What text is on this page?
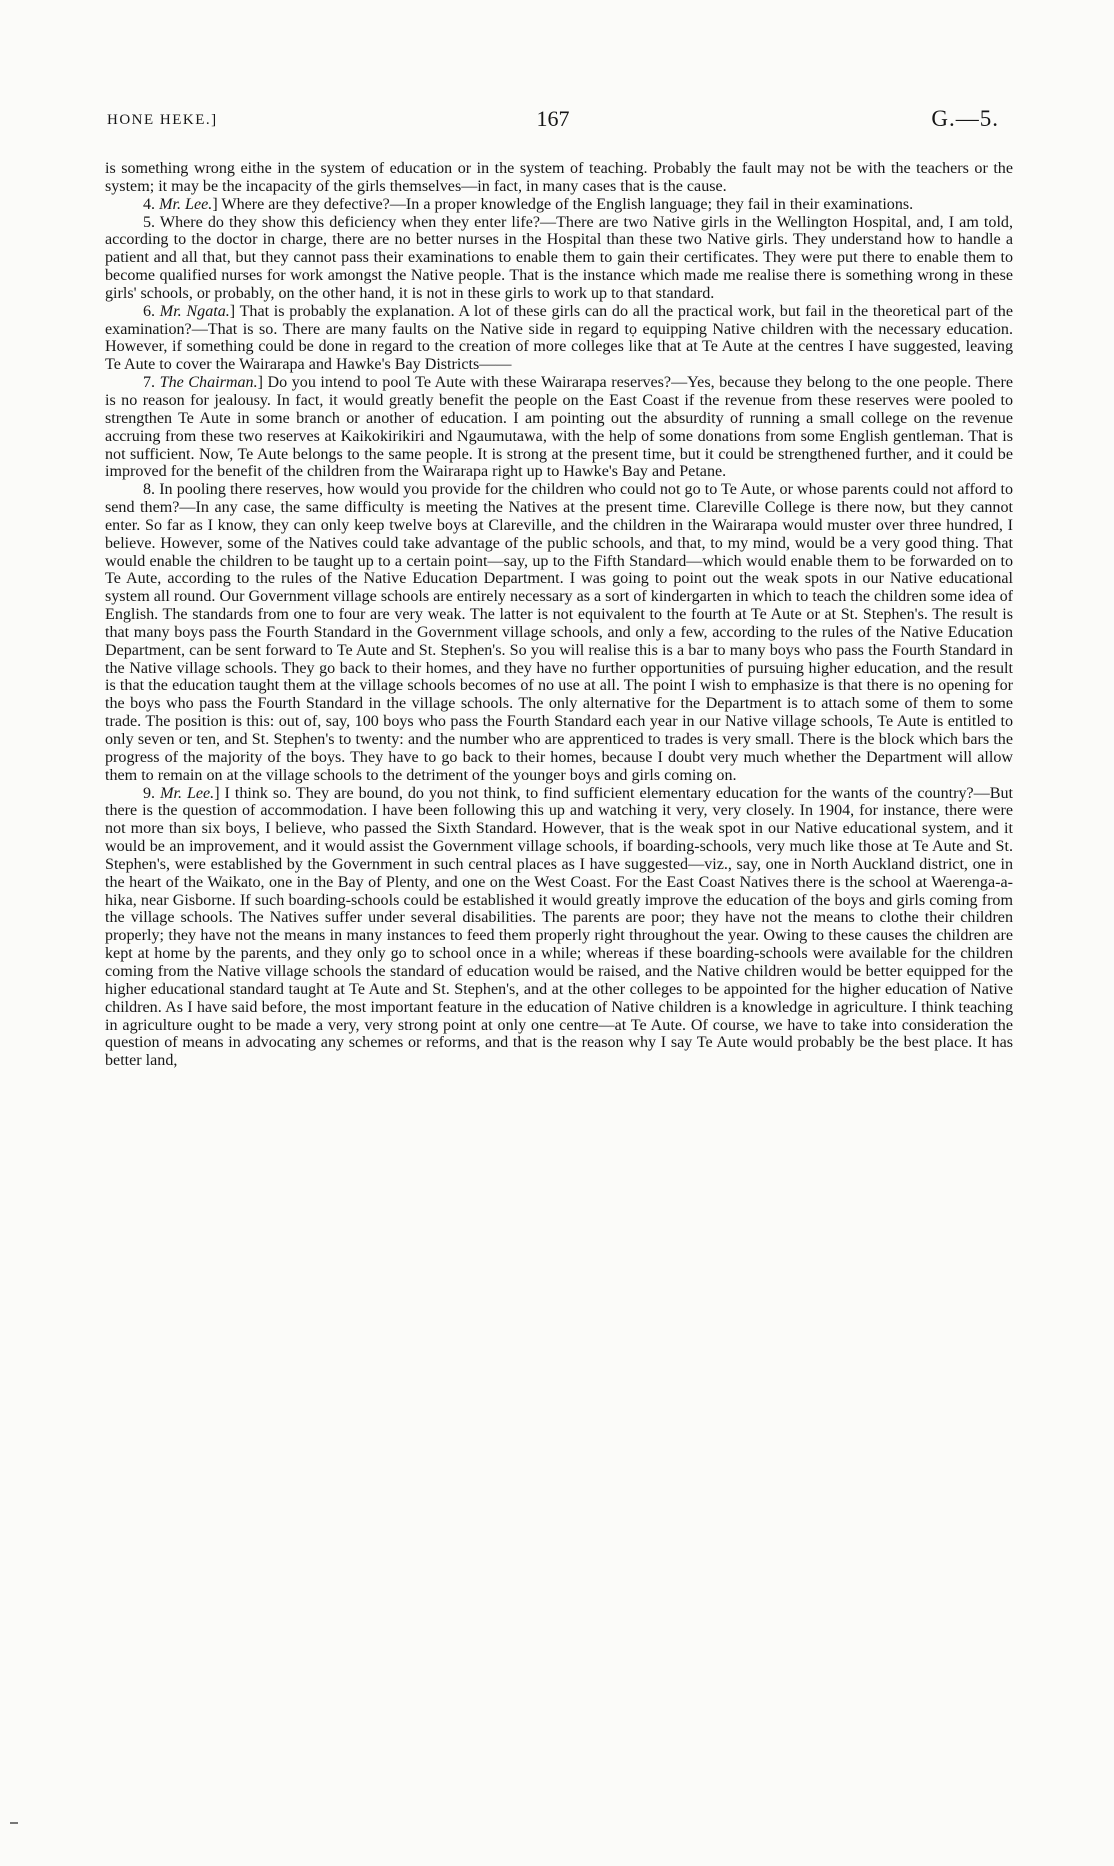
HONE HEKE.]	167	G.—5.

is something wrong eithe in the system of education or in the system of teaching. Probably the fault may not be with the teachers or the system; it may be the incapacity of the girls themselves—in fact, in many cases that is the cause.

4. Mr. Lee.] Where are they defective?—In a proper knowledge of the English language; they fail in their examinations.

5. Where do they show this deficiency when they enter life?—There are two Native girls in the Wellington Hospital, and, I am told, according to the doctor in charge, there are no better nurses in the Hospital than these two Native girls. They understand how to handle a patient and all that, but they cannot pass their examinations to enable them to gain their certificates. They were put there to enable them to become qualified nurses for work amongst the Native people. That is the instance which made me realise there is something wrong in these girls' schools, or probably, on the other hand, it is not in these girls to work up to that standard.

6. Mr. Ngata.] That is probably the explanation. A lot of these girls can do all the practical work, but fail in the theoretical part of the examination?—That is so. There are many faults on the Native side in regard tọ equipping Native children with the necessary education. However, if something could be done in regard to the creation of more colleges like that at Te Aute at the centres I have suggested, leaving Te Aute to cover the Wairarapa and Hawke's Bay Districts——

7. The Chairman.] Do you intend to pool Te Aute with these Wairarapa reserves?—Yes, because they belong to the one people. There is no reason for jealousy. In fact, it would greatly benefit the people on the East Coast if the revenue from these reserves were pooled to strengthen Te Aute in some branch or another of education. I am pointing out the absurdity of running a small college on the revenue accruing from these two reserves at Kaikokirikiri and Ngaumutawa, with the help of some donations from some English gentleman. That is not sufficient. Now, Te Aute belongs to the same people. It is strong at the present time, but it could be strengthened further, and it could be improved for the benefit of the children from the Wairarapa right up to Hawke's Bay and Petane.

8. In pooling there reserves, how would you provide for the children who could not go to Te Aute, or whose parents could not afford to send them?—In any case, the same difficulty is meeting the Natives at the present time. Clareville College is there now, but they cannot enter. So far as I know, they can only keep twelve boys at Clareville, and the children in the Wairarapa would muster over three hundred, I believe. However, some of the Natives could take advantage of the public schools, and that, to my mind, would be a very good thing. That would enable the children to be taught up to a certain point—say, up to the Fifth Standard—which would enable them to be forwarded on to Te Aute, according to the rules of the Native Education Department. I was going to point out the weak spots in our Native educational system all round. Our Government village schools are entirely necessary as a sort of kindergarten in which to teach the children some idea of English. The standards from one to four are very weak. The latter is not equivalent to the fourth at Te Aute or at St. Stephen's. The result is that many boys pass the Fourth Standard in the Government village schools, and only a few, according to the rules of the Native Education Department, can be sent forward to Te Aute and St. Stephen's. So you will realise this is a bar to many boys who pass the Fourth Standard in the Native village schools. They go back to their homes, and they have no further opportunities of pursuing higher education, and the result is that the education taught them at the village schools becomes of no use at all. The point I wish to emphasize is that there is no opening for the boys who pass the Fourth Standard in the village schools. The only alternative for the Department is to attach some of them to some trade. The position is this: out of, say, 100 boys who pass the Fourth Standard each year in our Native village schools, Te Aute is entitled to only seven or ten, and St. Stephen's to twenty: and the number who are apprenticed to trades is very small. There is the block which bars the progress of the majority of the boys. They have to go back to their homes, because I doubt very much whether the Department will allow them to remain on at the village schools to the detriment of the younger boys and girls coming on.

9. Mr. Lee.] I think so. They are bound, do you not think, to find sufficient elementary education for the wants of the country?—But there is the question of accommodation. I have been following this up and watching it very, very closely. In 1904, for instance, there were not more than six boys, I believe, who passed the Sixth Standard. However, that is the weak spot in our Native educational system, and it would be an improvement, and it would assist the Government village schools, if boarding-schools, very much like those at Te Aute and St. Stephen's, were established by the Government in such central places as I have suggested—viz., say, one in North Auckland district, one in the heart of the Waikato, one in the Bay of Plenty, and one on the West Coast. For the East Coast Natives there is the school at Waerenga-a-hika, near Gisborne. If such boarding-schools could be established it would greatly improve the education of the boys and girls coming from the village schools. The Natives suffer under several disabilities. The parents are poor; they have not the means to clothe their children properly; they have not the means in many instances to feed them properly right throughout the year. Owing to these causes the children are kept at home by the parents, and they only go to school once in a while; whereas if these boarding-schools were available for the children coming from the Native village schools the standard of education would be raised, and the Native children would be better equipped for the higher educational standard taught at Te Aute and St. Stephen's, and at the other colleges to be appointed for the higher education of Native children. As I have said before, the most important feature in the education of Native children is a knowledge in agriculture. I think teaching in agriculture ought to be made a very, very strong point at only one centre—at Te Aute. Of course, we have to take into consideration the question of means in advocating any schemes or reforms, and that is the reason why I say Te Aute would probably be the best place. It has better land,
